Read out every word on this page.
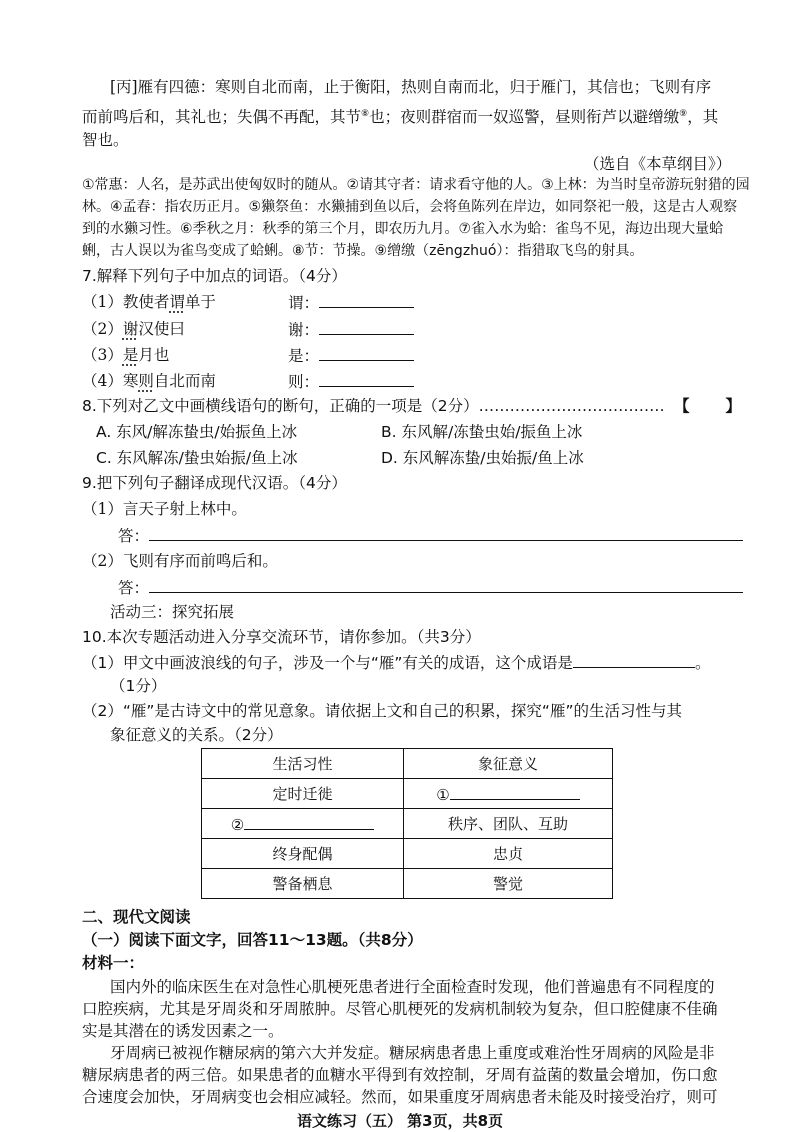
[丙]雁有四德：寒则自北而南，止于衡阳，热则自南而北，归于雁门，其信也；飞则有序
而前鸣后和，其礼也；失偶不再配，其节⑧也；夜则群宿而一奴巡警，昼则衔芦以避缯缴⑨，其
智也。
（选自《本草纲目》）
①常惠：人名，是苏武出使匈奴时的随从。②请其守者：请求看守他的人。③上林：为当时皇帝游玩射猎的园
林。④孟春：指农历正月。⑤獭祭鱼：水獭捕到鱼以后，会将鱼陈列在岸边，如同祭祀一般，这是古人观察
到的水獭习性。⑥季秋之月：秋季的第三个月，即农历九月。⑦雀入水为蛤：雀鸟不见，海边出现大量蛤
蜊，古人误以为雀鸟变成了蛤蜊。⑧节：节操。⑨缯缴（zēngzhuó）：指猎取飞鸟的射具。
7.解释下列句子中加点的词语。（4分）
（1）教使者谓单于	谓：
（2）谢汉使曰	谢：
（3）是月也	是：
（4）寒则自北而南	则：
8.下列对乙文中画横线语句的断句，正确的一项是（2分）……………………………… 【 】
A. 东风/解冻蛰虫/始振鱼上冰	B. 东风解/冻蛰虫始/振鱼上冰
C. 东风解冻/蛰虫始振/鱼上冰	D. 东风解冻蛰/虫始振/鱼上冰
9.把下列句子翻译成现代汉语。（4分）
（1）言天子射上林中。
答：
（2）飞则有序而前鸣后和。
答：
活动三：探究拓展
10.本次专题活动进入分享交流环节，请你参加。（共3分）
（1）甲文中画波浪线的句子，涉及一个与“雁”有关的成语，这个成语是	。
（1分）
（2）“雁”是古诗文中的常见意象。请依据上文和自己的积累，探究“雁”的生活习性与其
象征意义的关系。（2分）
生活习性	象征意义
定时迁徙	①
②	秩序、团队、互助
终身配偶	忠贞
警备栖息	警觉
二、现代文阅读
（一）阅读下面文字，回答11～13题。（共8分）
材料一：
国内外的临床医生在对急性心肌梗死患者进行全面检查时发现，他们普遍患有不同程度的
口腔疾病，尤其是牙周炎和牙周脓肿。尽管心肌梗死的发病机制较为复杂，但口腔健康不佳确
实是其潜在的诱发因素之一。
牙周病已被视作糖尿病的第六大并发症。糖尿病患者患上重度或难治性牙周病的风险是非
糖尿病患者的两三倍。如果患者的血糖水平得到有效控制，牙周有益菌的数量会增加，伤口愈
合速度会加快，牙周病变也会相应减轻。然而，如果重度牙周病患者未能及时接受治疗，则可
语文练习（五） 第3页，共8页
